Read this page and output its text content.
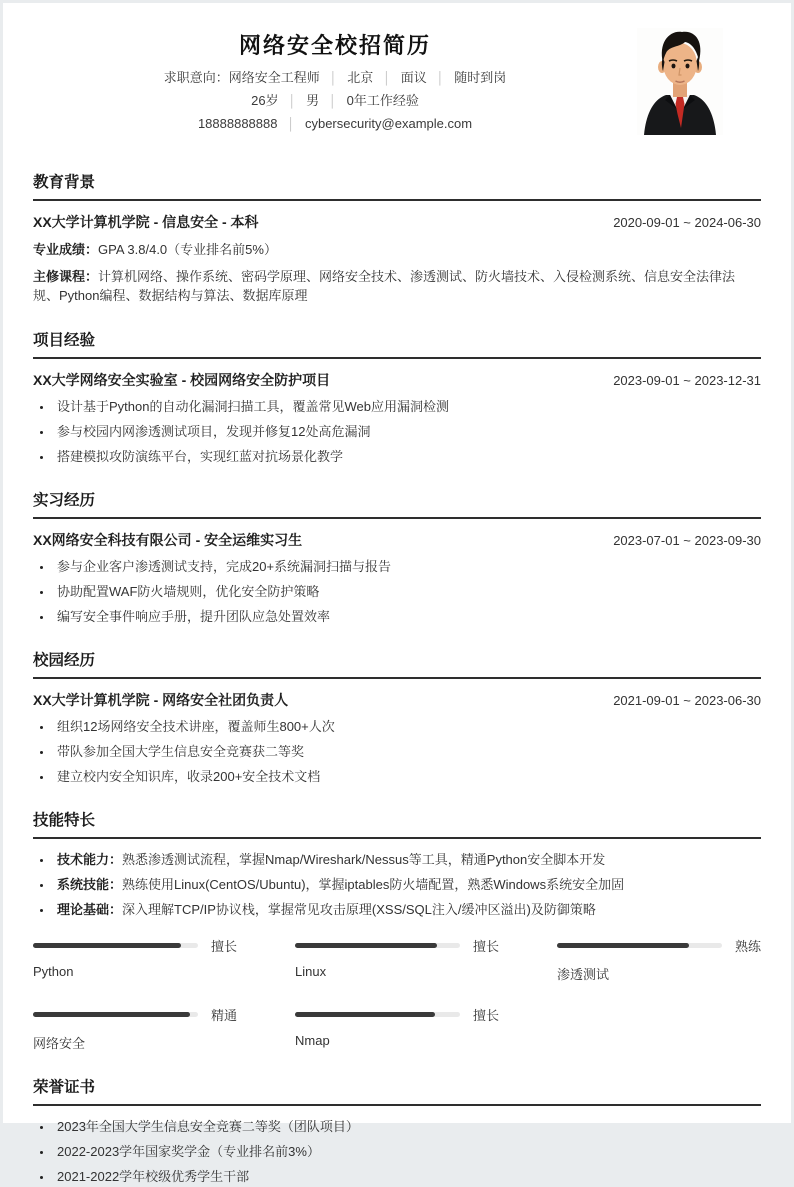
网络安全校招简历
求职意向：网络安全工程师 │ 北京 │ 面议 │ 随时到岗
26岁 │ 男 │ 0年工作经验
18888888888 │ cybersecurity@example.com
教育背景
XX大学计算机学院 - 信息安全 - 本科	2020-09-01 ~ 2024-06-30

专业成绩：GPA 3.8/4.0（专业排名前5%）

主修课程：计算机网络、操作系统、密码学原理、网络安全技术、渗透测试、防火墙技术、入侵检测系统、信息安全法律法规、Python编程、数据结构与算法、数据库原理

项目经验
XX大学网络安全实验室 - 校园网络安全防护项目	2023-09-01 ~ 2023-12-31
• 设计基于Python的自动化漏洞扫描工具，覆盖常见Web应用漏洞检测
• 参与校园内网渗透测试项目，发现并修复12处高危漏洞
• 搭建模拟攻防演练平台，实现红蓝对抗场景化教学
实习经历
XX网络安全科技有限公司 - 安全运维实习生	2023-07-01 ~ 2023-09-30
• 参与企业客户渗透测试支持，完成20+系统漏洞扫描与报告
• 协助配置WAF防火墙规则，优化安全防护策略
• 编写安全事件响应手册，提升团队应急处置效率
校园经历
XX大学计算机学院 - 网络安全社团负责人	2021-09-01 ~ 2023-06-30
• 组织12场网络安全技术讲座，覆盖师生800+人次
• 带队参加全国大学生信息安全竞赛获二等奖
• 建立校内安全知识库，收录200+安全技术文档
技能特长
• 技术能力：熟悉渗透测试流程，掌握Nmap/Wireshark/Nessus等工具，精通Python安全脚本开发
• 系统技能：熟练使用Linux(CentOS/Ubuntu)，掌握iptables防火墙配置，熟悉Windows系统安全加固
• 理论基础：深入理解TCP/IP协议栈，掌握常见攻击原理(XSS/SQL注入/缓冲区溢出)及防御策略
擅长
Python
擅长
Linux
熟练
渗透测试
精通
网络安全
擅长
Nmap
荣誉证书
• 2023年全国大学生信息安全竞赛二等奖（团队项目）
• 2022-2023学年国家奖学金（专业排名前3%）
• 2021-2022学年校级优秀学生干部
